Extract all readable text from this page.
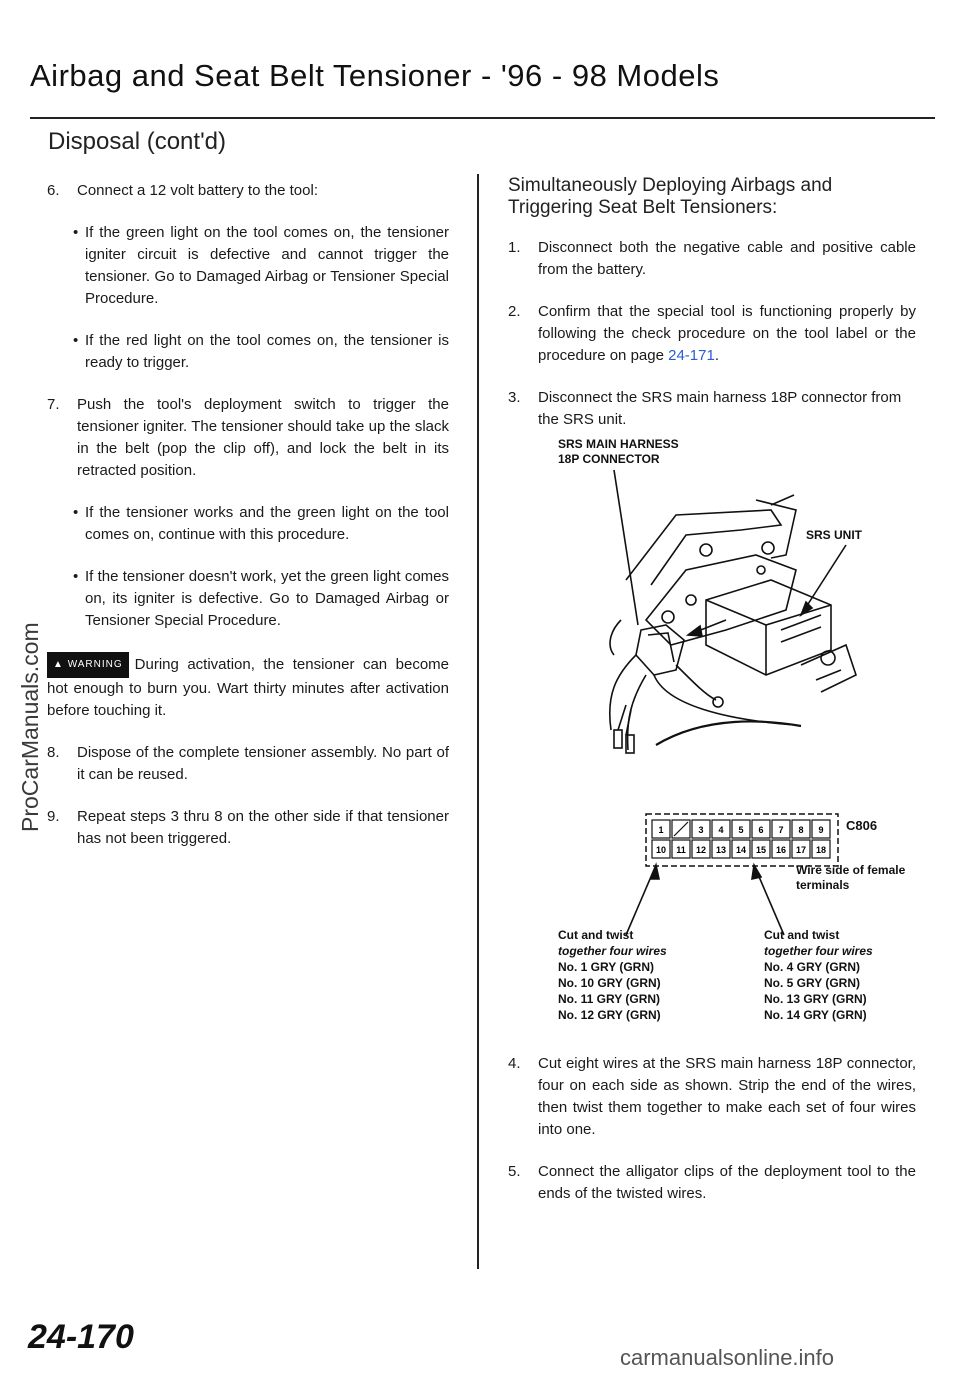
Airbag and Seat Belt Tensioner - '96 - 98 Models
Disposal (cont'd)
ProCarManuals.com
6. Connect a 12 volt battery to the tool:
• If the green light on the tool comes on, the tensioner igniter circuit is defective and cannot trigger the tensioner. Go to Damaged Airbag or Tensioner Special Procedure.
• If the red light on the tool comes on, the tensioner is ready to trigger.
7. Push the tool's deployment switch to trigger the tensioner igniter. The tensioner should take up the slack in the belt (pop the clip off), and lock the belt in its retracted position.
• If the tensioner works and the green light on the tool comes on, continue with this procedure.
• If the tensioner doesn't work, yet the green light comes on, its igniter is defective. Go to Damaged Airbag or Tensioner Special Procedure.
▲ WARNING During activation, the tensioner can become hot enough to burn you. Wart thirty minutes after activation before touching it.
8. Dispose of the complete tensioner assembly. No part of it can be reused.
9. Repeat steps 3 thru 8 on the other side if that tensioner has not been triggered.
Simultaneously Deploying Airbags and Triggering Seat Belt Tensioners:
1. Disconnect both the negative cable and positive cable from the battery.
2. Confirm that the special tool is functioning properly by following the check procedure on the tool label or the procedure on page 24-171.
3. Disconnect the SRS main harness 18P connector from the SRS unit.
SRS MAIN HARNESS
18P CONNECTOR
SRS UNIT
1	3 4 5 6 7 8 9
10 11 12 13 14 15 16 17 18
C806
Wire side of female
terminals
Cut and twist
together four wires
No. 1 GRY (GRN)
No. 10 GRY (GRN)
No. 11 GRY (GRN)
No. 12 GRY (GRN)
Cut and twist
together four wires
No. 4 GRY (GRN)
No. 5 GRY (GRN)
No. 13 GRY (GRN)
No. 14 GRY (GRN)
4. Cut eight wires at the SRS main harness 18P connector, four on each side as shown. Strip the end of the wires, then twist them together to make each set of four wires into one.
5. Connect the alligator clips of the deployment tool to the ends of the twisted wires.
24-170
carmanualsonline.info
